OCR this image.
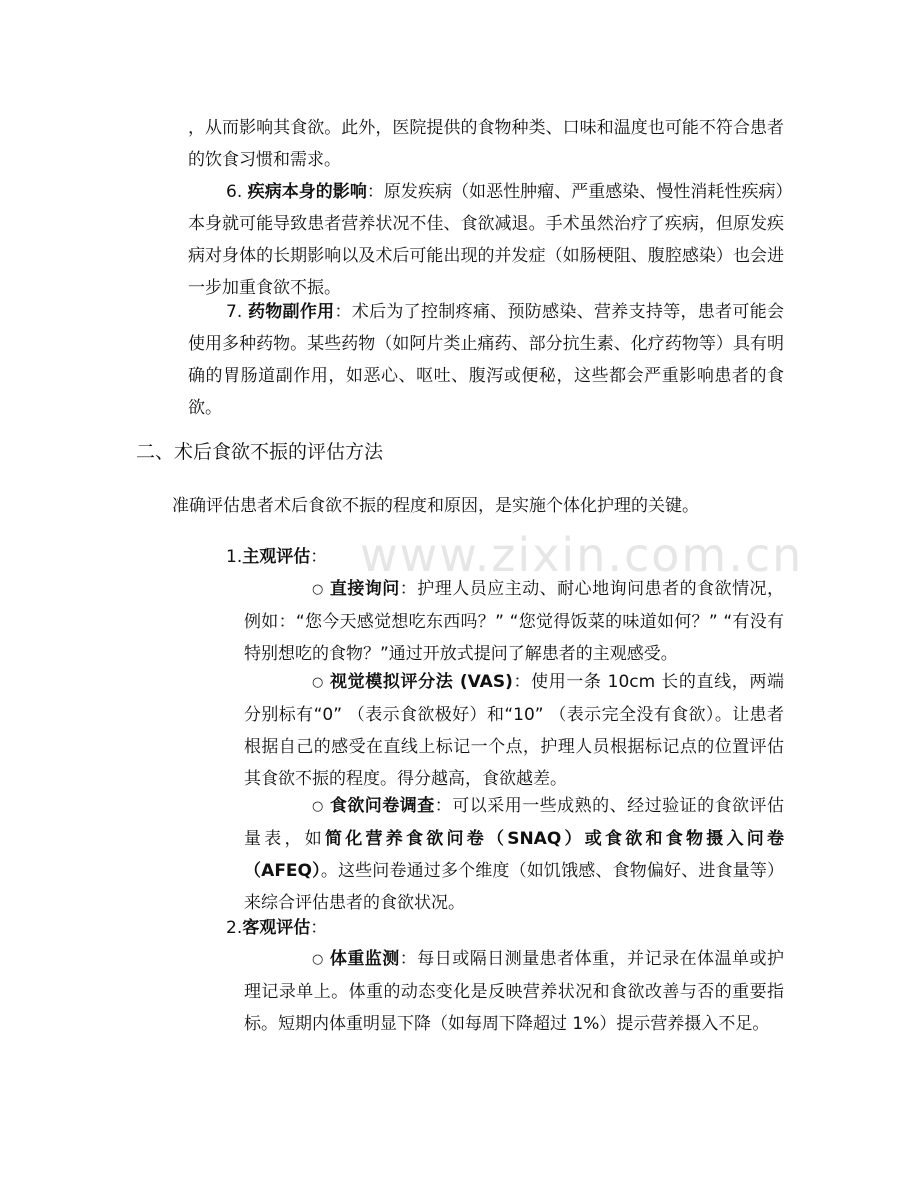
www.zixin.com.cn

，从而影响其食欲。此外，医院提供的食物种类、口味和温度也可能不符合患者的饮食习惯和需求。

6. 疾病本身的影响：原发疾病（如恶性肿瘤、严重感染、慢性消耗性疾病）本身就可能导致患者营养状况不佳、食欲减退。手术虽然治疗了疾病，但原发疾病对身体的长期影响以及术后可能出现的并发症（如肠梗阻、腹腔感染）也会进一步加重食欲不振。

7. 药物副作用：术后为了控制疼痛、预防感染、营养支持等，患者可能会使用多种药物。某些药物（如阿片类止痛药、部分抗生素、化疗药物等）具有明确的胃肠道副作用，如恶心、呕吐、腹泻或便秘，这些都会严重影响患者的食欲。

二、术后食欲不振的评估方法

准确评估患者术后食欲不振的程度和原因，是实施个体化护理的关键。

1.主观评估：

○ 直接询问：护理人员应主动、耐心地询问患者的食欲情况，例如：“您今天感觉想吃东西吗？” “您觉得饭菜的味道如何？” “有没有特别想吃的食物？”通过开放式提问了解患者的主观感受。

○ 视觉模拟评分法 (VAS)：使用一条 10cm 长的直线，两端分别标有“0” （表示食欲极好）和“10” （表示完全没有食欲）。让患者根据自己的感受在直线上标记一个点，护理人员根据标记点的位置评估其食欲不振的程度。得分越高，食欲越差。

○ 食欲问卷调查：可以采用一些成熟的、经过验证的食欲评估量表，如简化营养食欲问卷（SNAQ）或食欲和食物摄入问卷（AFEQ）。这些问卷通过多个维度（如饥饿感、食物偏好、进食量等）来综合评估患者的食欲状况。

2.客观评估：

○ 体重监测：每日或隔日测量患者体重，并记录在体温单或护理记录单上。体重的动态变化是反映营养状况和食欲改善与否的重要指标。短期内体重明显下降（如每周下降超过 1%）提示营养摄入不足。
